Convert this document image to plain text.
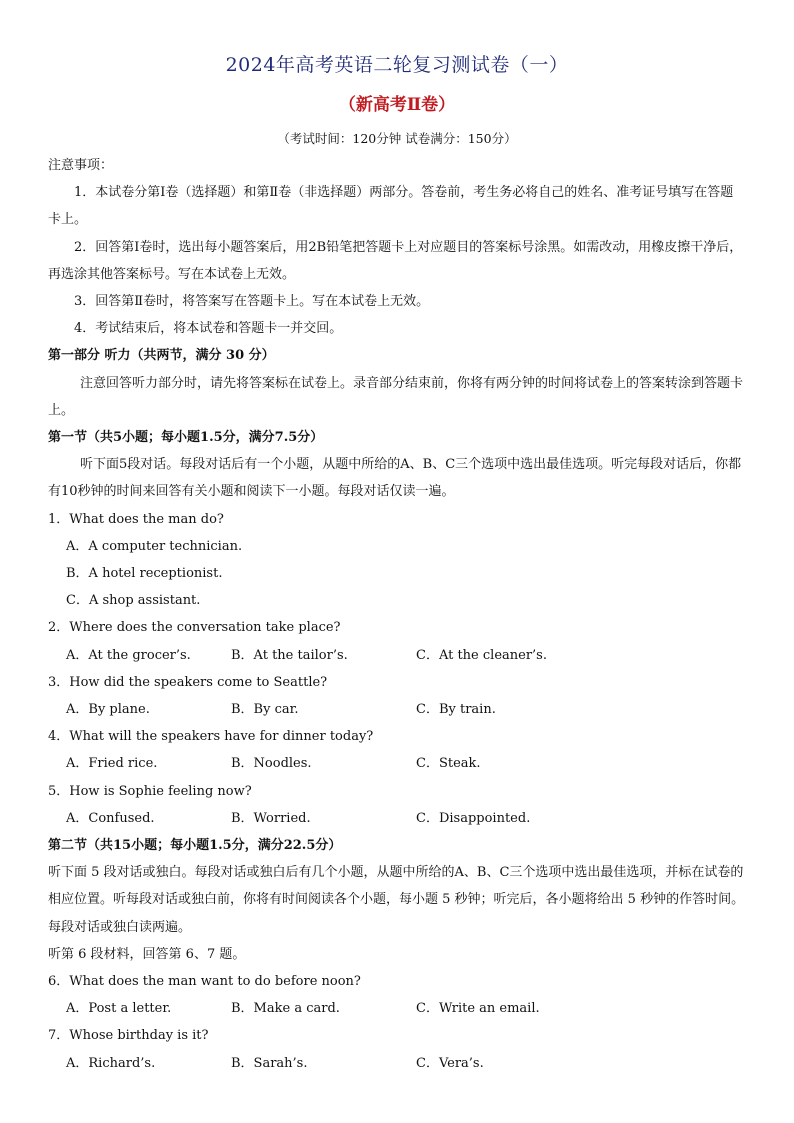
2024年高考英语二轮复习测试卷（一）
（新高考Ⅱ卷）
（考试时间：120分钟 试卷满分：150分）

注意事项：

1．本试卷分第Ⅰ卷（选择题）和第Ⅱ卷（非选择题）两部分。答卷前，考生务必将自己的姓名、准考证号填写在答题卡上。

2．回答第Ⅰ卷时，选出每小题答案后，用2B铅笔把答题卡上对应题目的答案标号涂黑。如需改动，用橡皮擦干净后，再选涂其他答案标号。写在本试卷上无效。

3．回答第Ⅱ卷时，将答案写在答题卡上。写在本试卷上无效。

4．考试结束后，将本试卷和答题卡一并交回。

第一部分 听力（共两节，满分 30 分）

注意回答听力部分时，请先将答案标在试卷上。录音部分结束前，你将有两分钟的时间将试卷上的答案转涂到答题卡上。

第一节（共5小题；每小题1.5分，满分7.5分）

听下面5段对话。每段对话后有一个小题，从题中所给的A、B、C三个选项中选出最佳选项。听完每段对话后，你都有10秒钟的时间来回答有关小题和阅读下一小题。每段对话仅读一遍。

1．What does the man do?

A．A computer technician.

B．A hotel receptionist.

C．A shop assistant.

2．Where does the conversation take place?

A．At the grocer’s.	B．At the tailor’s.	C．At the cleaner’s.

3．How did the speakers come to Seattle?

A．By plane.	B．By car.	C．By train.

4．What will the speakers have for dinner today?

A．Fried rice.	B．Noodles.	C．Steak.

5．How is Sophie feeling now?

A．Confused.	B．Worried.	C．Disappointed.

第二节（共15小题；每小题1.5分，满分22.5分）

听下面 5 段对话或独白。每段对话或独白后有几个小题，从题中所给的A、B、C三个选项中选出最佳选项，并标在试卷的相应位置。听每段对话或独白前，你将有时间阅读各个小题，每小题 5 秒钟；听完后，各小题将给出 5 秒钟的作答时间。每段对话或独白读两遍。

听第 6 段材料，回答第 6、7 题。

6．What does the man want to do before noon?

A．Post a letter.	B．Make a card.	C．Write an email.

7．Whose birthday is it?

A．Richard’s.	B．Sarah’s.	C．Vera’s.
